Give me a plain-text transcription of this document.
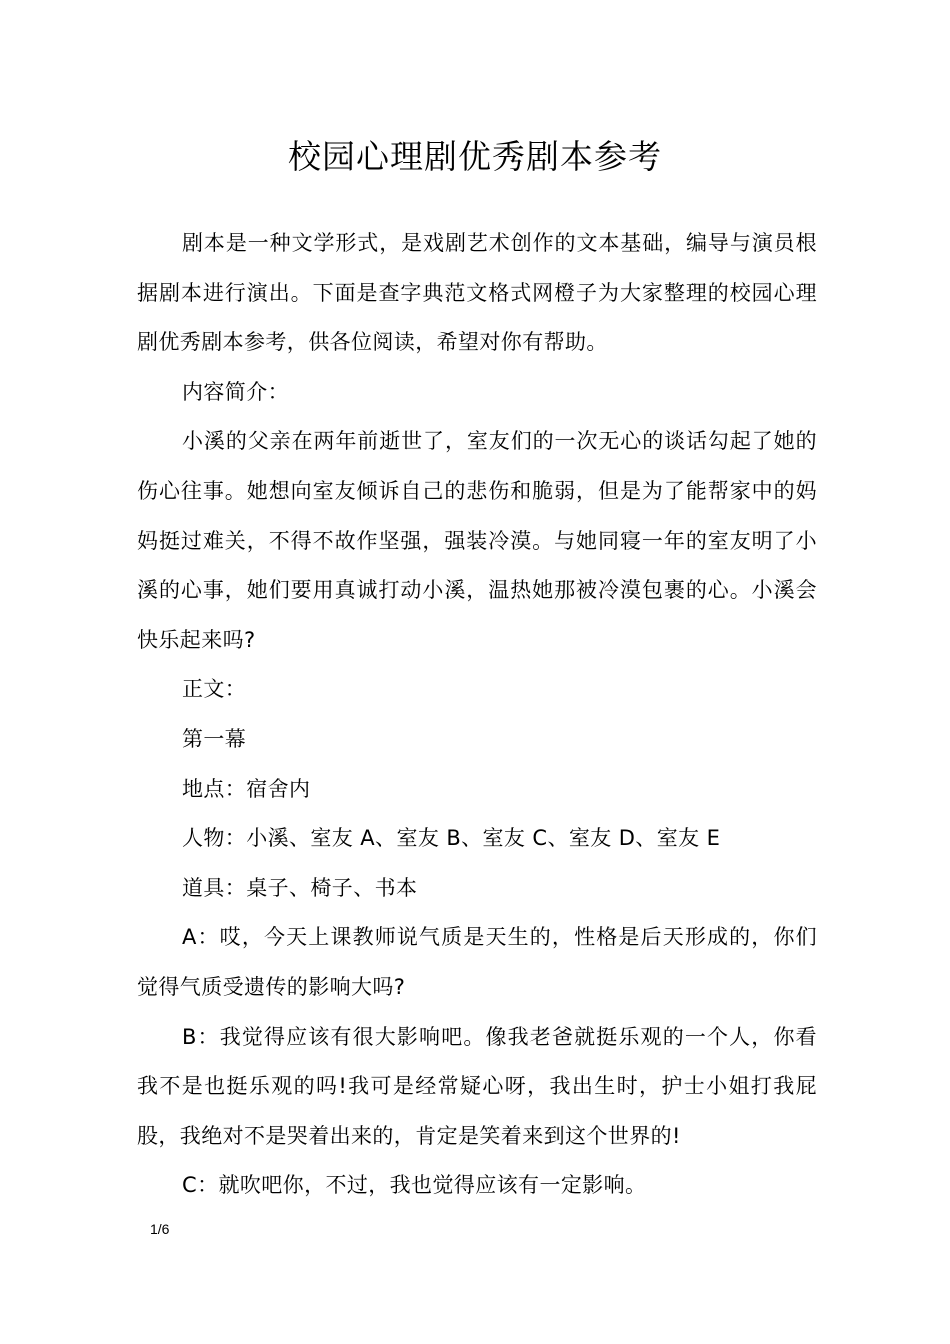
校园心理剧优秀剧本参考

剧本是一种文学形式，是戏剧艺术创作的文本基础，编导与演员根据剧本进行演出。下面是查字典范文格式网橙子为大家整理的校园心理剧优秀剧本参考，供各位阅读，希望对你有帮助。

内容简介：

小溪的父亲在两年前逝世了，室友们的一次无心的谈话勾起了她的伤心往事。她想向室友倾诉自己的悲伤和脆弱，但是为了能帮家中的妈妈挺过难关，不得不故作坚强，强装冷漠。与她同寝一年的室友明了小溪的心事，她们要用真诚打动小溪，温热她那被冷漠包裹的心。小溪会快乐起来吗?

正文：

第一幕

地点：宿舍内

人物：小溪、室友 A、室友 B、室友 C、室友 D、室友 E

道具：桌子、椅子、书本

A：哎，今天上课教师说气质是天生的，性格是后天形成的，你们觉得气质受遗传的影响大吗?

B：我觉得应该有很大影响吧。像我老爸就挺乐观的一个人，你看我不是也挺乐观的吗!我可是经常疑心呀，我出生时，护士小姐打我屁股，我绝对不是哭着出来的，肯定是笑着来到这个世界的!

C：就吹吧你，不过，我也觉得应该有一定影响。

1/6
